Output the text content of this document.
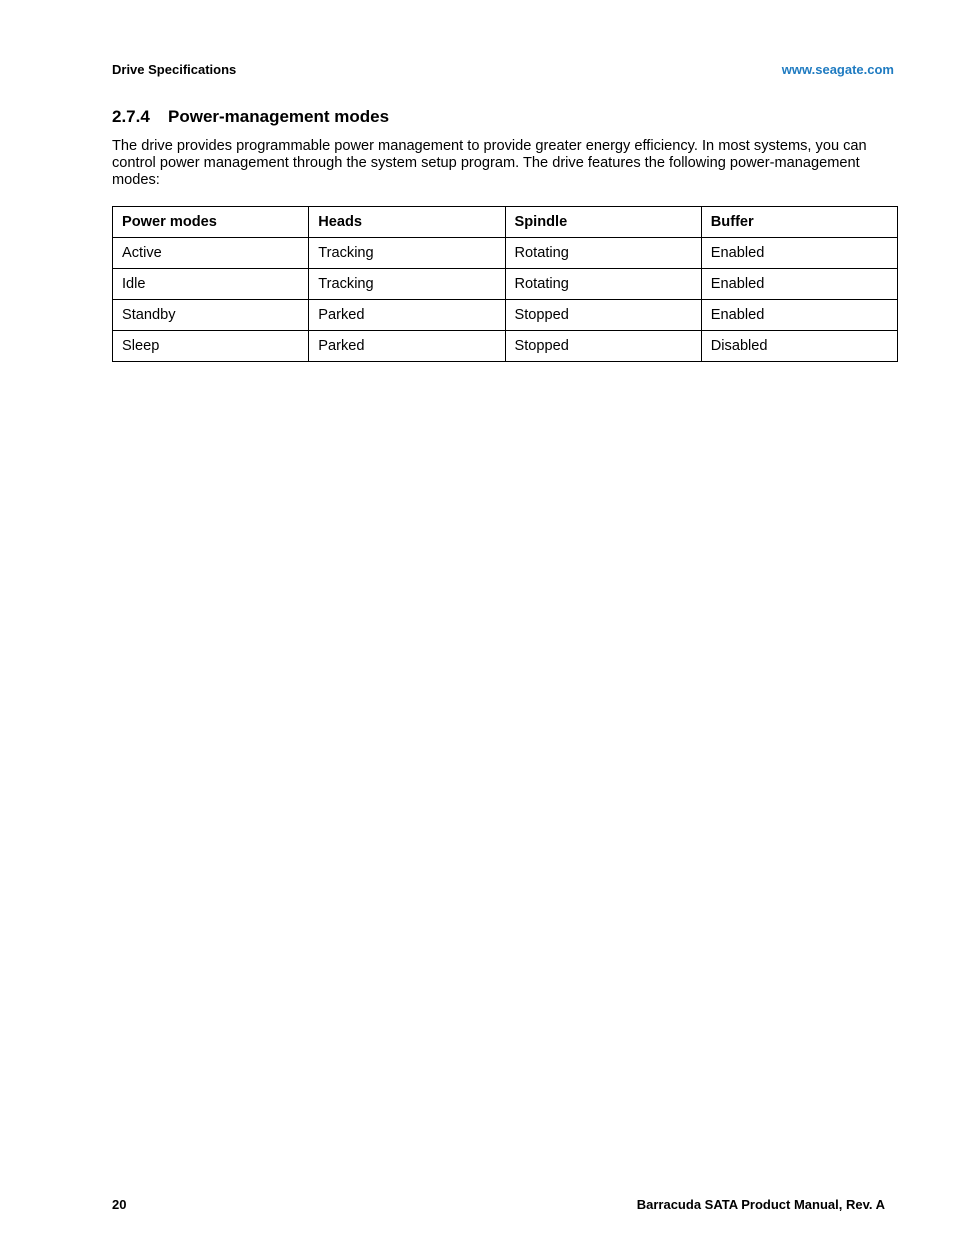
Drive Specifications	www.seagate.com
2.7.4 Power-management modes

The drive provides programmable power management to provide greater energy efficiency. In most systems, you can control power management through the system setup program. The drive features the following power-management modes:

Power modes	Heads	Spindle	Buffer
Active	Tracking	Rotating	Enabled
Idle	Tracking	Rotating	Enabled
Standby	Parked	Stopped	Enabled
Sleep	Parked	Stopped	Disabled
20	Barracuda SATA Product Manual, Rev. A
